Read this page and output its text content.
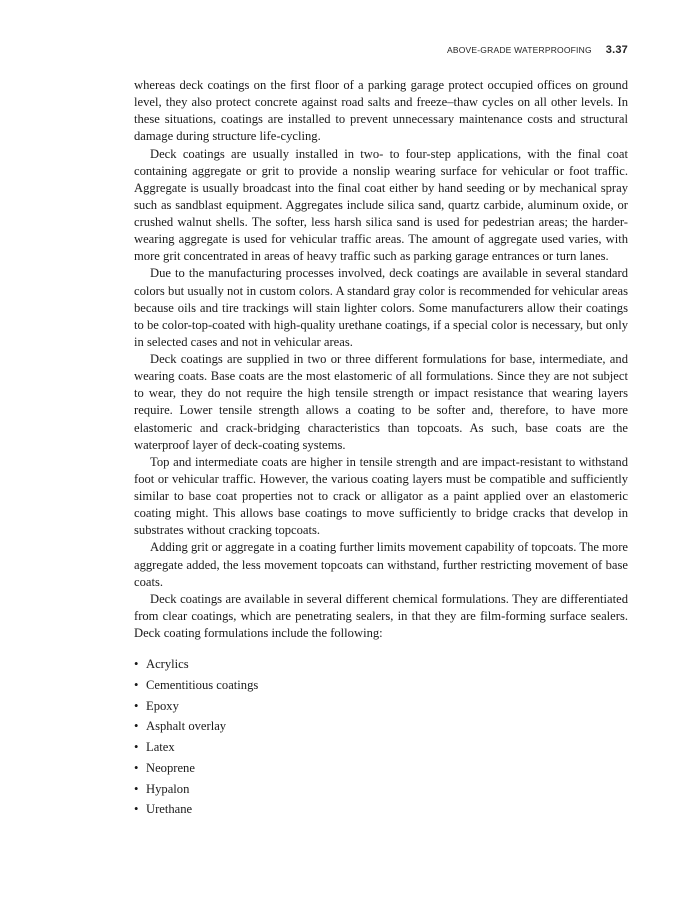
ABOVE-GRADE WATERPROOFING 3.37

whereas deck coatings on the first floor of a parking garage protect occupied offices on ground level, they also protect concrete against road salts and freeze–thaw cycles on all other levels. In these situations, coatings are installed to prevent unnecessary maintenance costs and structural damage during structure life-cycling.

Deck coatings are usually installed in two- to four-step applications, with the final coat containing aggregate or grit to provide a nonslip wearing surface for vehicular or foot traffic. Aggregate is usually broadcast into the final coat either by hand seeding or by mechanical spray such as sandblast equipment. Aggregates include silica sand, quartz carbide, aluminum oxide, or crushed walnut shells. The softer, less harsh silica sand is used for pedestrian areas; the harder-wearing aggregate is used for vehicular traffic areas. The amount of aggregate used varies, with more grit concentrated in areas of heavy traffic such as parking garage entrances or turn lanes.

Due to the manufacturing processes involved, deck coatings are available in several standard colors but usually not in custom colors. A standard gray color is recommended for vehicular areas because oils and tire trackings will stain lighter colors. Some manufacturers allow their coatings to be color-top-coated with high-quality urethane coatings, if a special color is necessary, but only in selected cases and not in vehicular areas.

Deck coatings are supplied in two or three different formulations for base, intermediate, and wearing coats. Base coats are the most elastomeric of all formulations. Since they are not subject to wear, they do not require the high tensile strength or impact resistance that wearing layers require. Lower tensile strength allows a coating to be softer and, therefore, to have more elastomeric and crack-bridging characteristics than topcoats. As such, base coats are the waterproof layer of deck-coating systems.

Top and intermediate coats are higher in tensile strength and are impact-resistant to withstand foot or vehicular traffic. However, the various coating layers must be compatible and sufficiently similar to base coat properties not to crack or alligator as a paint applied over an elastomeric coating might. This allows base coatings to move sufficiently to bridge cracks that develop in substrates without cracking topcoats.

Adding grit or aggregate in a coating further limits movement capability of topcoats. The more aggregate added, the less movement topcoats can withstand, further restricting movement of base coats.

Deck coatings are available in several different chemical formulations. They are differentiated from clear coatings, which are penetrating sealers, in that they are film-forming surface sealers. Deck coating formulations include the following:

• Acrylics
• Cementitious coatings
• Epoxy
• Asphalt overlay
• Latex
• Neoprene
• Hypalon
• Urethane
